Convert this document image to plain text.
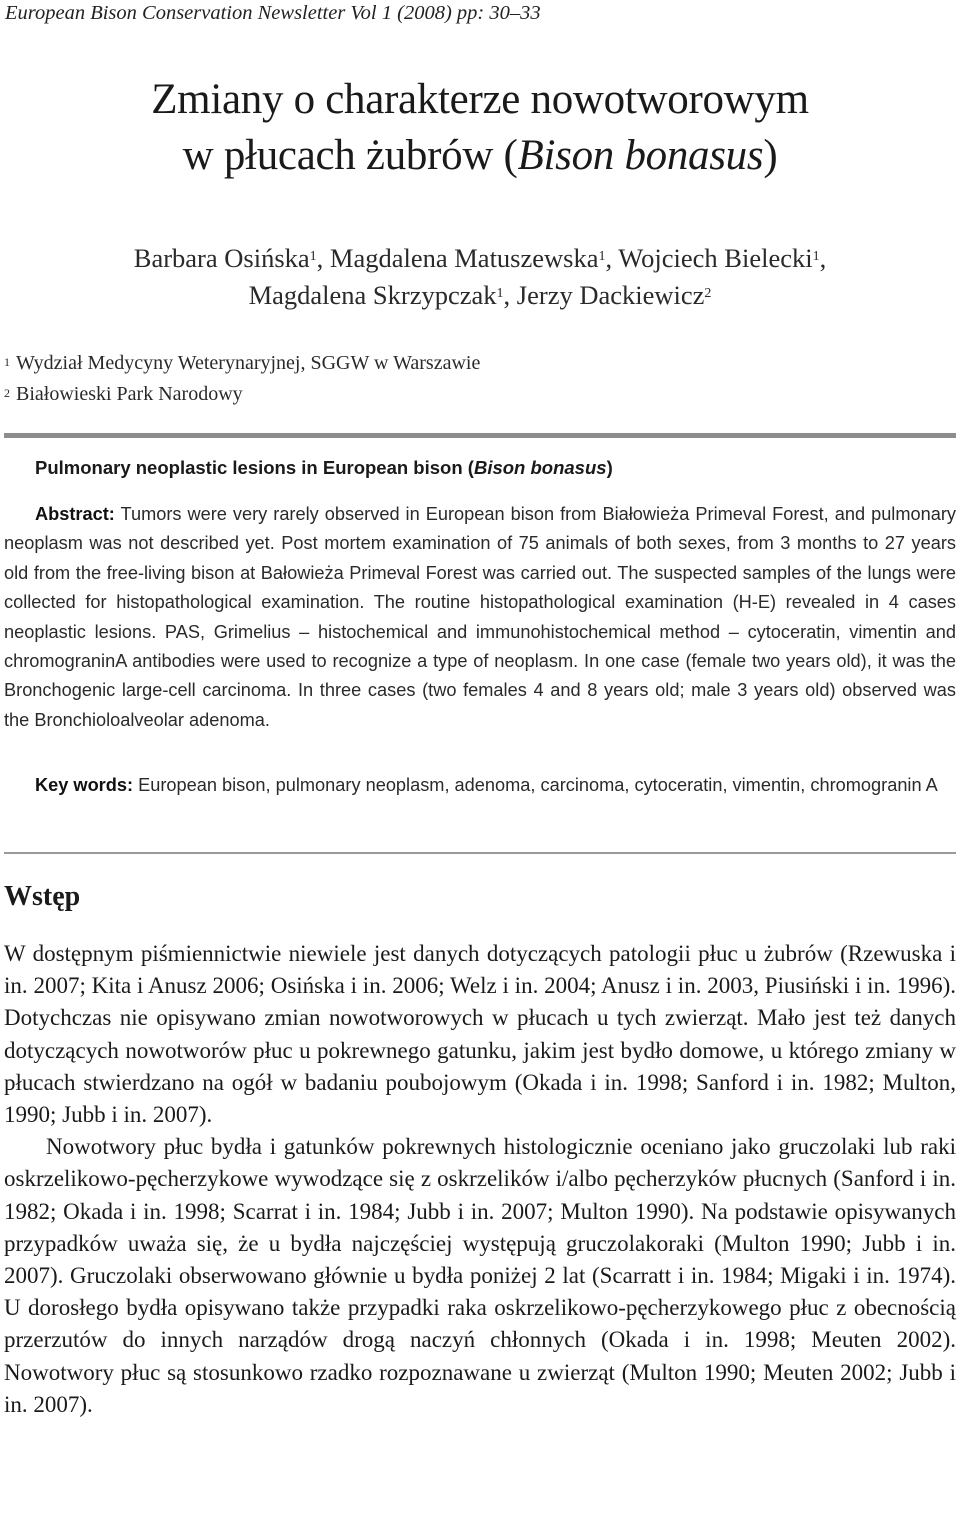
European Bison Conservation Newsletter Vol 1 (2008) pp: 30–33
Zmiany o charakterze nowotworowym
w płucach żubrów (Bison bonasus)
Barbara Osińska$^1$, Magdalena Matuszewska$^1$, Wojciech Bielecki$^1$,
Magdalena Skrzypczak$^1$, Jerzy Dackiewicz$^2$
$^1$ Wydział Medycyny Weterynaryjnej, SGGW w Warszawie
$^2$ Białowieski Park Narodowy
Pulmonary neoplastic lesions in European bison (Bison bonasus)

Abstract: Tumors were very rarely observed in European bison from Białowieża Primeval Forest, and pulmonary neoplasm was not described yet. Post mortem examination of 75 animals of both sexes, from 3 months to 27 years old from the free-living bison at Bałowieża Primeval Forest was carried out. The suspected samples of the lungs were collected for histopathological examination. The routine histopathological examination (H-E) revealed in 4 cases neoplastic lesions. PAS, Grimelius – histochemical and immunohistochemical method – cytoceratin, vimentin and chromograninA antibodies were used to recognize a type of neoplasm. In one case (female two years old), it was the Bronchogenic large-cell carcinoma. In three cases (two females 4 and 8 years old; male 3 years old) observed was the Bronchioloalveolar adenoma.

Key words: European bison, pulmonary neoplasm, adenoma, carcinoma, cytoceratin, vimentin, chromogranin A

Wstęp

W dostępnym piśmiennictwie niewiele jest danych dotyczących patologii płuc u żubrów (Rzewuska i in. 2007; Kita i Anusz 2006; Osińska i in. 2006; Welz i in. 2004; Anusz i in. 2003, Piusiński i in. 1996). Dotychczas nie opisywano zmian nowotworowych w płucach u tych zwierząt. Mało jest też danych dotyczących nowotworów płuc u pokrewnego gatunku, jakim jest bydło domowe, u którego zmiany w płucach stwierdzano na ogół w badaniu poubojowym (Okada i in. 1998; Sanford i in. 1982; Multon, 1990; Jubb i in. 2007).

Nowotwory płuc bydła i gatunków pokrewnych histologicznie oceniano jako gruczolaki lub raki oskrzelikowo-pęcherzykowe wywodzące się z oskrzelików i/albo pęcherzyków płucnych (Sanford i in. 1982; Okada i in. 1998; Scarrat i in. 1984; Jubb i in. 2007; Multon 1990). Na podstawie opisywanych przypadków uważa się, że u bydła najczęściej występują gruczolakoraki (Multon 1990; Jubb i in. 2007). Gruczolaki obserwowano głównie u bydła poniżej 2 lat (Scarratt i in. 1984; Migaki i in. 1974). U dorosłego bydła opisywano także przypadki raka oskrzelikowo-pęcherzykowego płuc z obecnością przerzutów do innych narządów drogą naczyń chłonnych (Okada i in. 1998; Meuten 2002). Nowotwory płuc są stosunkowo rzadko rozpoznawane u zwierząt (Multon 1990; Meuten 2002; Jubb i in. 2007).
